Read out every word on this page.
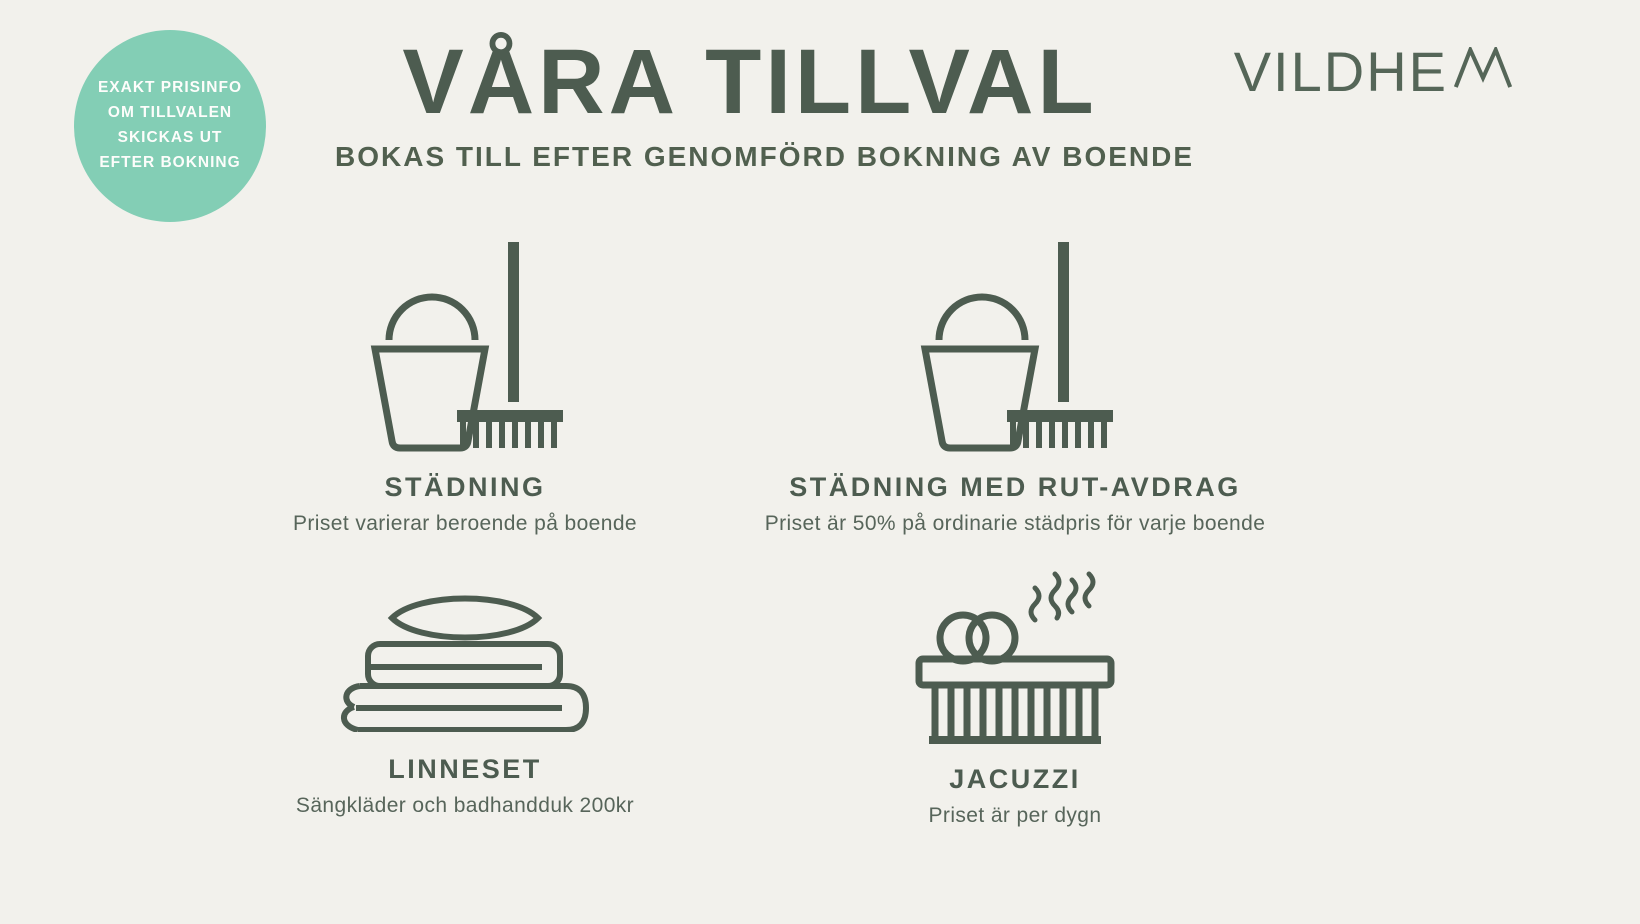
EXAKT PRISINFO
OM TILLVALEN
SKICKAS UT
EFTER BOKNING
VÅRA TILLVAL
BOKAS TILL EFTER GENOMFÖRD BOKNING AV BOENDE
VILDHE
STÄDNING
Priset varierar beroende på boende
STÄDNING MED RUT-AVDRAG
Priset är 50% på ordinarie städpris för varje boende
LINNESET
Sängkläder och badhandduk 200kr
JACUZZI
Priset är per dygn
